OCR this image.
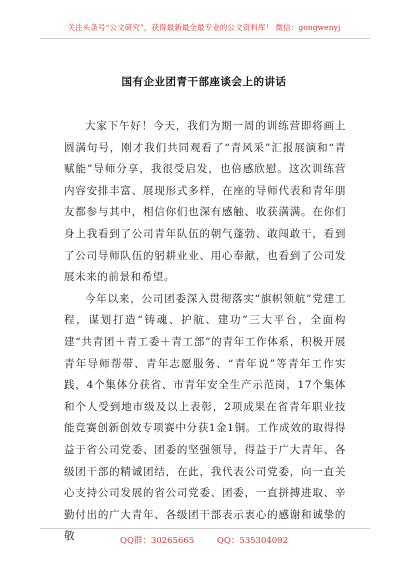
关注头条号“公文研究”，获得最新最全最专业的公文资料库！ 微信：gongwenyj
国有企业团青干部座谈会上的讲话

大家下午好！今天，我们为期一周的训练营即将画上圆满句号，刚才我们共同观看了“青风采”汇报展演和“青赋能”导师分享，我很受启发，也倍感欣慰。这次训练营内容安排丰富、展现形式多样，在座的导师代表和青年朋友都参与其中，相信你们也深有感触、收获满满。在你们身上我看到了公司青年队伍的朝气蓬勃、敢闯敢干，看到了公司导师队伍的躬耕业业、用心奉献，也看到了公司发展未来的前景和希望。

今年以来，公司团委深入贯彻落实“旗帜领航”党建工程，谋划打造“铸魂、护航、建功”三大平台，全面构建“共青团＋青工委＋青工部”的青年工作体系，积极开展青年导师帮带、青年志愿服务、“青年说”等青年工作实践，4个集体分获省、市青年安全生产示范岗，17个集体和个人受到地市级及以上表彰，2项成果在省青年职业技能竞赛创新创效专项赛中分获1金1铜。工作成效的取得得益于省公司党委、团委的坚强领导，得益于广大青年、各级团干部的精诚团结，在此，我代表公司党委，向一直关心支持公司发展的省公司党委、团委，一直拼搏进取、辛勤付出的广大青年、各级团干部表示衷心的感谢和诚挚的敬	QQ群：30265665	QQ：535304092
